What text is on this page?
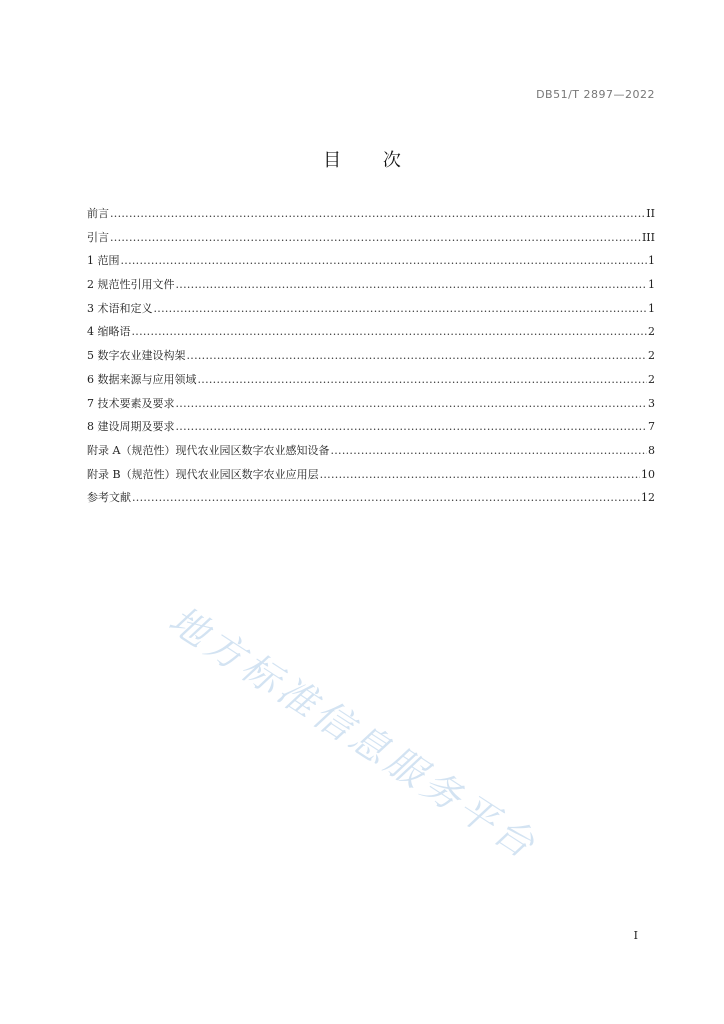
DB51/T 2897—2022
目 次
前言 .....	II
引言 .....	III
1 范围 .....	1
2 规范性引用文件 .....	1
3 术语和定义 .....	1
4 缩略语 .....	2
5 数字农业建设构架 .....	2
6 数据来源与应用领域 .....	2
7 技术要素及要求 .....	3
8 建设周期及要求 .....	7
附录 A（规范性）现代农业园区数字农业感知设备 .....	8
附录 B（规范性）现代农业园区数字农业应用层 .....	10
参考文献 .....	12
地方标准信息服务平台
I
